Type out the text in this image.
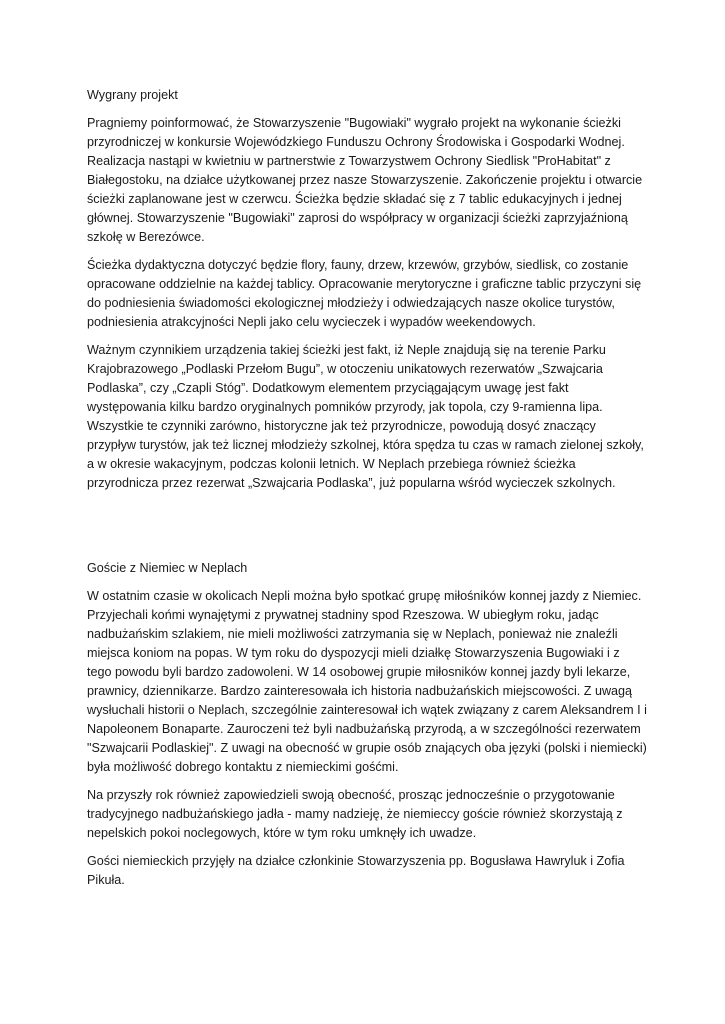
Wygrany projekt

Pragniemy poinformować, że Stowarzyszenie "Bugowiaki" wygrało projekt na wykonanie ścieżki przyrodniczej w konkursie Wojewódzkiego Funduszu Ochrony Środowiska i Gospodarki Wodnej. Realizacja nastąpi w kwietniu w partnerstwie z Towarzystwem Ochrony Siedlisk "ProHabitat" z Białegostoku, na działce użytkowanej przez nasze Stowarzyszenie. Zakończenie projektu i otwarcie ścieżki zaplanowane jest w czerwcu. Ścieżka będzie składać się z 7 tablic edukacyjnych i jednej głównej. Stowarzyszenie "Bugowiaki" zaprosi do współpracy w organizacji ścieżki zaprzyjaźnioną szkołę w Berezówce.

Ścieżka dydaktyczna dotyczyć będzie flory, fauny, drzew, krzewów, grzybów, siedlisk, co zostanie opracowane oddzielnie na każdej tablicy. Opracowanie merytoryczne i graficzne tablic przyczyni się do podniesienia świadomości ekologicznej młodzieży i odwiedzających nasze okolice turystów, podniesienia atrakcyjności Nepli jako celu wycieczek i wypadów weekendowych.

Ważnym czynnikiem urządzenia takiej ścieżki jest fakt, iż Neple znajdują się na terenie Parku Krajobrazowego „Podlaski Przełom Bugu”, w otoczeniu unikatowych rezerwatów „Szwajcaria Podlaska”, czy „Czapli Stóg”. Dodatkowym elementem przyciągającym uwagę jest fakt występowania kilku bardzo oryginalnych pomników przyrody, jak topola, czy 9-ramienna lipa. Wszystkie te czynniki zarówno, historyczne jak też przyrodnicze, powodują dosyć znaczący przypływ turystów, jak też licznej młodzieży szkolnej, która spędza tu czas w ramach zielonej szkoły, a w okresie wakacyjnym, podczas kolonii letnich. W Neplach przebiega również ścieżka przyrodnicza przez rezerwat „Szwajcaria Podlaska”, już popularna wśród wycieczek szkolnych.

Goście z Niemiec w Neplach

W ostatnim czasie w okolicach Nepli można było spotkać grupę miłośników konnej jazdy z Niemiec. Przyjechali końmi wynajętymi z prywatnej stadniny spod Rzeszowa. W ubiegłym roku, jadąc nadbużańskim szlakiem, nie mieli możliwości zatrzymania się w Neplach, ponieważ nie znaleźli miejsca koniom na popas. W tym roku do dyspozycji mieli działkę Stowarzyszenia Bugowiaki i z tego powodu byli bardzo zadowoleni. W 14 osobowej grupie miłosników konnej jazdy byli lekarze, prawnicy, dziennikarze. Bardzo zainteresowała ich historia nadbużańskich miejscowości. Z uwagą wysłuchali historii o Neplach, szczególnie zainteresował ich wątek związany z carem Aleksandrem I i Napoleonem Bonaparte. Zauroczeni też byli nadbużańską przyrodą, a w szczególności rezerwatem "Szwajcarii Podlaskiej". Z uwagi na obecność w grupie osób znających oba języki (polski i niemiecki) była możliwość dobrego kontaktu z niemieckimi gośćmi.

Na przyszły rok również zapowiedzieli swoją obecność, prosząc jednocześnie o przygotowanie tradycyjnego nadbużańskiego jadła - mamy nadzieję, że niemieccy goście również skorzystają z nepelskich pokoi noclegowych, które w tym roku umknęły ich uwadze.

Gości niemieckich przyjęły na działce członkinie Stowarzyszenia pp. Bogusława Hawryluk i Zofia Pikuła.
